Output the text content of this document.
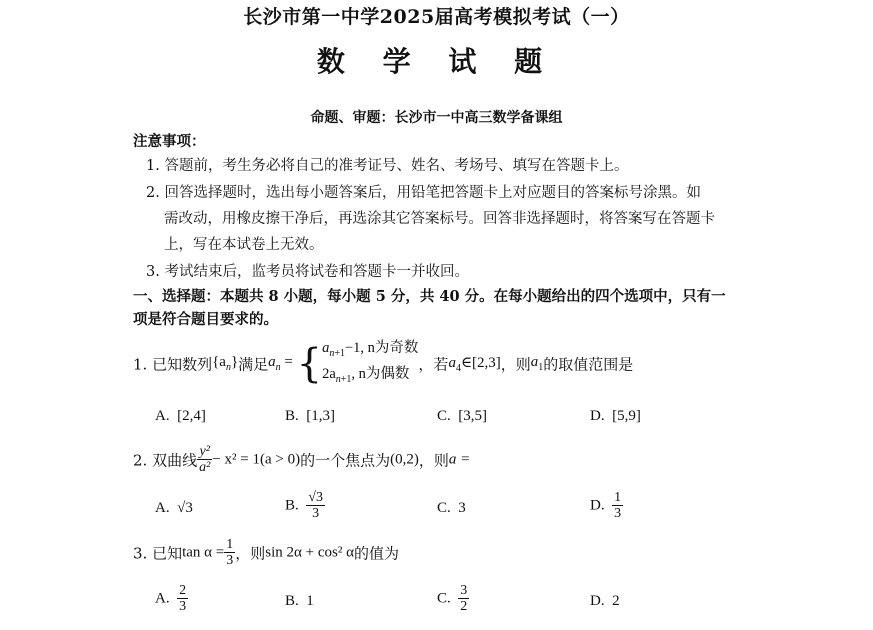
长沙市第一中学2025届高考模拟考试（一）
数 学 试 题
命题、审题：长沙市一中高三数学备课组
注意事项：
1. 答题前，考生务必将自己的准考证号、姓名、考场号、填写在答题卡上。
2. 回答选择题时，选出每小题答案后，用铅笔把答题卡上对应题目的答案标号涂黑。如
需改动，用橡皮擦干净后，再选涂其它答案标号。回答非选择题时，将答案写在答题卡
上，写在本试卷上无效。
3. 考试结束后，监考员将试卷和答题卡一并收回。
一、选择题：本题共 8 小题，每小题 5 分，共 40 分。在每小题给出的四个选项中，只有一
项是符合题目要求的。
1. 已知数列$\{a_n\}$满足$a_n$ = { $a_{n+1}-1$, n为奇数
$2a_{n+1}$, n为偶数
，若$a_4\in[2,3]$，则$a_1$的取值范围是
A. [2,4]	B. [1,3]	C. [3,5]	D. [5,9]
2. 双曲线 $\frac{\text{y²}}{\text{a²}} - x^2 = 1(a > 0)$的一个焦点为(0,2)，则a =
A. √3	B. $\frac{√3}{3}$	C. 3	D. $\frac{1}{3}$
3. 已知$\tan \alpha = \frac{1}{3}$ ，则sin 2α + cos² α的值为
A. $\frac{2}{3}$	B. 1	C. $\frac{3}{2}$	D. 2
